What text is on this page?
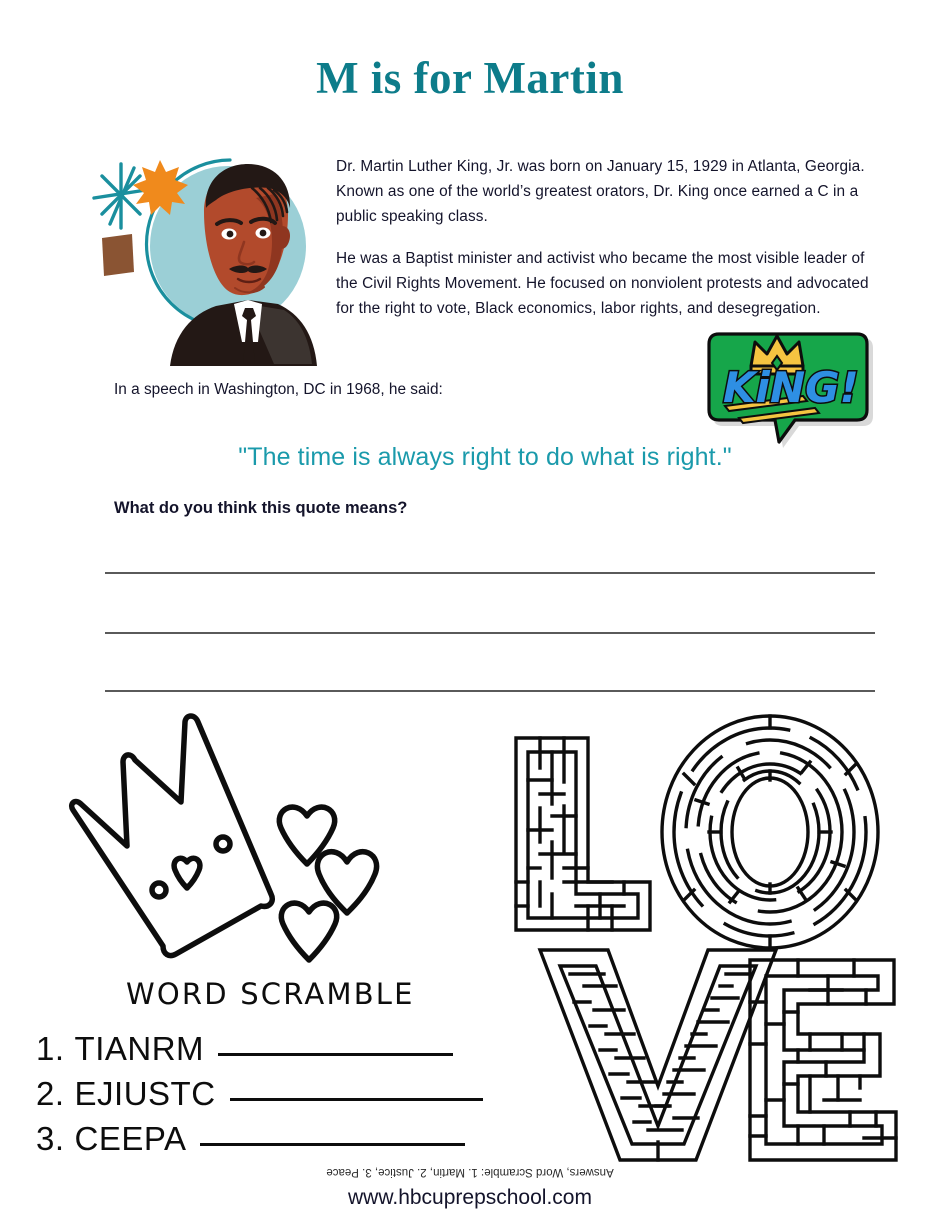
M is for Martin

Dr. Martin Luther King, Jr. was born on January 15, 1929 in Atlanta, Georgia. Known as one of the world’s greatest orators, Dr. King once earned a C in a public speaking class.

He was a Baptist minister and activist who became the most visible leader of the Civil Rights Movement. He focused on nonviolent protests and advocated for the right to vote, Black economics, labor rights, and desegregation.

In a speech in Washington, DC in 1968, he said:	KiNG!
"The time is always right to do what is right."
What do you think this quote means?
WORD SCRAMBLE
1. TIANRM
2. EJIUSTC
3. CEEPA
Answers, Word Scramble: 1. Martin, 2. Justice, 3. Peace
www.hbcuprepschool.com
